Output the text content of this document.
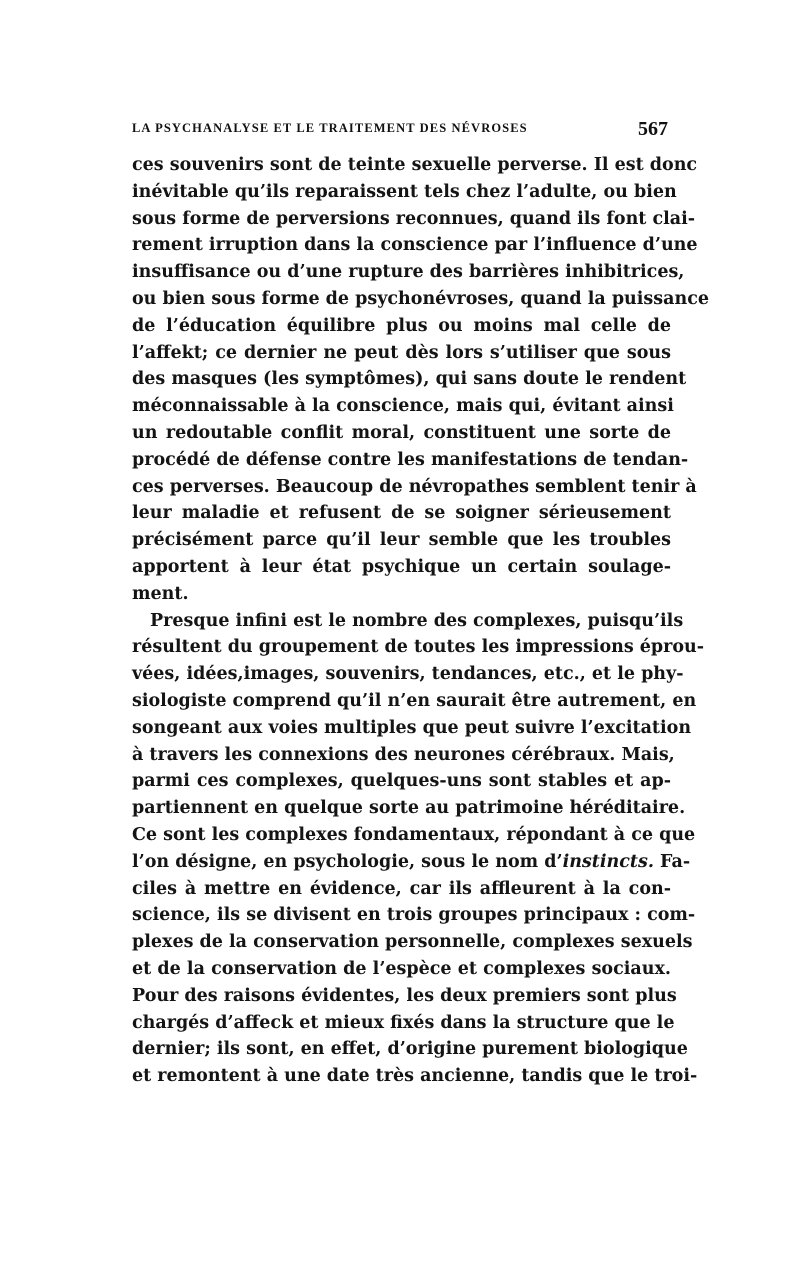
LA PSYCHANALYSE ET LE TRAITEMENT DES NÉVROSES	567
ces souvenirs sont de teinte sexuelle perverse. Il est donc
inévitable qu’ils reparaissent tels chez l’adulte, ou bien
sous forme de perversions reconnues, quand ils font clai-
rement irruption dans la conscience par l’influence d’une
insuffisance ou d’une rupture des barrières inhibitrices,
ou bien sous forme de psychonévroses, quand la puissance
de l’éducation équilibre plus ou moins mal celle de
l’affekt; ce dernier ne peut dès lors s’utiliser que sous
des masques (les symptômes), qui sans doute le rendent
méconnaissable à la conscience, mais qui, évitant ainsi
un redoutable conflit moral, constituent une sorte de
procédé de défense contre les manifestations de tendan-
ces perverses. Beaucoup de névropathes semblent tenir à
leur maladie et refusent de se soigner sérieusement
précisément parce qu’il leur semble que les troubles
apportent à leur état psychique un certain soulage-
ment.
Presque infini est le nombre des complexes, puisqu’ils
résultent du groupement de toutes les impressions éprou-
vées, idées,images, souvenirs, tendances, etc., et le phy-
siologiste comprend qu’il n’en saurait être autrement, en
songeant aux voies multiples que peut suivre l’excitation
à travers les connexions des neurones cérébraux. Mais,
parmi ces complexes, quelques-uns sont stables et ap-
partiennent en quelque sorte au patrimoine héréditaire.
Ce sont les complexes fondamentaux, répondant à ce que
l’on désigne, en psychologie, sous le nom d’instincts. Fa-
ciles à mettre en évidence, car ils affleurent à la con-
science, ils se divisent en trois groupes principaux : com-
plexes de la conservation personnelle, complexes sexuels
et de la conservation de l’espèce et complexes sociaux.
Pour des raisons évidentes, les deux premiers sont plus
chargés d’affeck et mieux fixés dans la structure que le
dernier; ils sont, en effet, d’origine purement biologique
et remontent à une date très ancienne, tandis que le troi-
